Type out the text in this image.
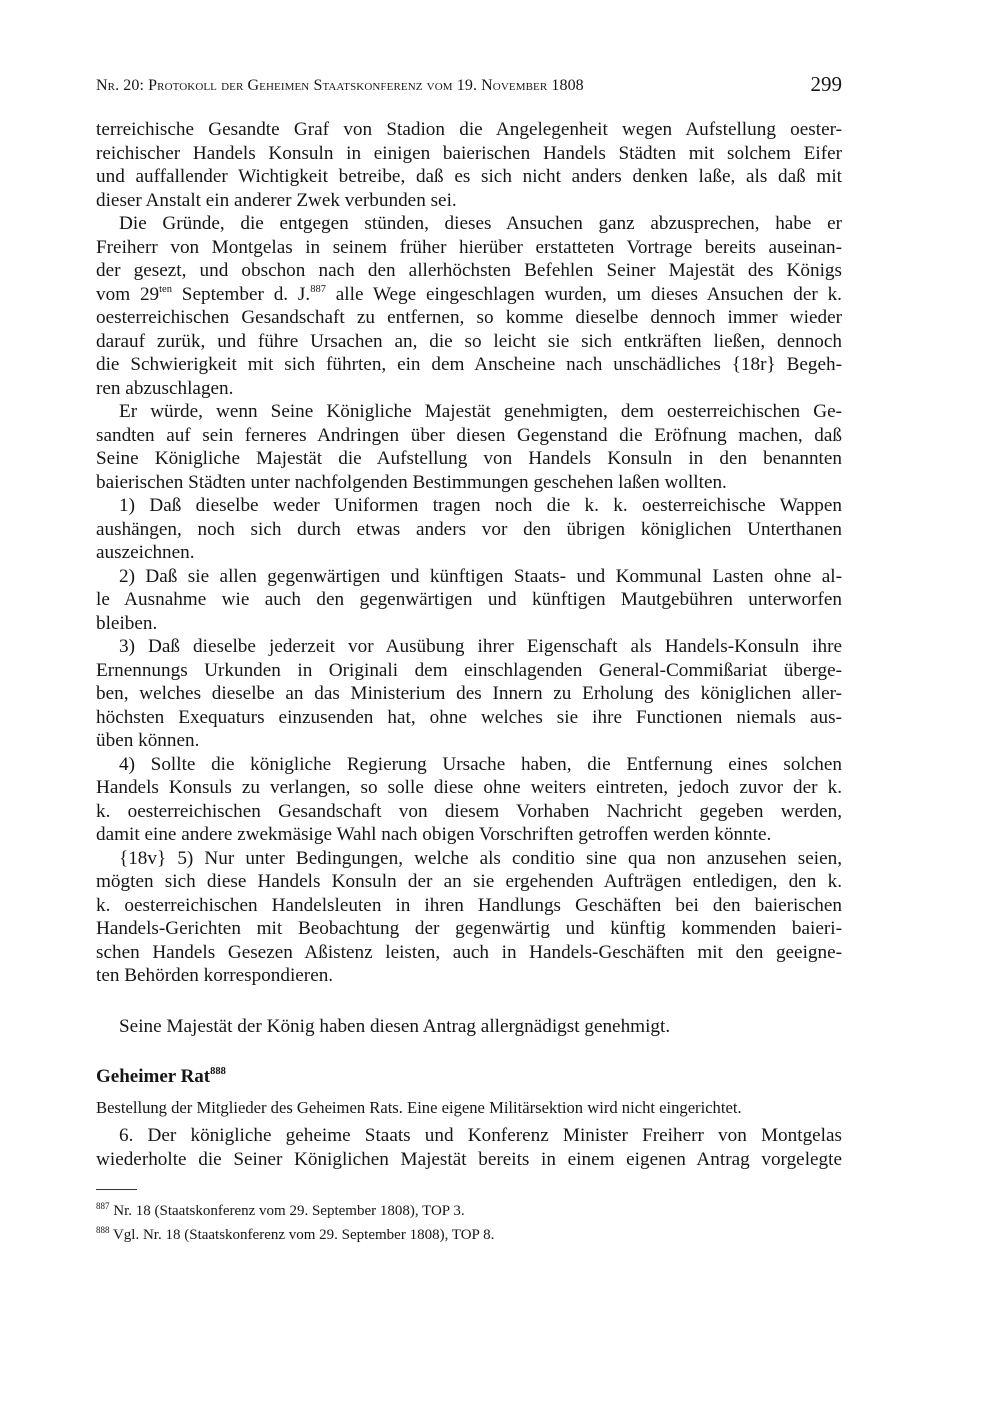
Nr. 20: Protokoll der Geheimen Staatskonferenz vom 19. November 1808	299
terreichische Gesandte Graf von Stadion die Angelegenheit wegen Aufstellung oester-
reichischer Handels Konsuln in einigen baierischen Handels Städten mit solchem Eifer
und auffallender Wichtigkeit betreibe, daß es sich nicht anders denken laße, als daß mit
dieser Anstalt ein anderer Zwek verbunden sei.
Die Gründe, die entgegen stünden, dieses Ansuchen ganz abzusprechen, habe er
Freiherr von Montgelas in seinem früher hierüber erstatteten Vortrage bereits auseinan-
der gesezt, und obschon nach den allerhöchsten Befehlen Seiner Majestät des Königs
vom $29^{ten}$ September d. J.$^{887}$ alle Wege eingeschlagen wurden, um dieses Ansuchen der k.
oesterreichischen Gesandschaft zu entfernen, so komme dieselbe dennoch immer wieder
darauf zurük, und führe Ursachen an, die so leicht sie sich entkräften ließen, dennoch
die Schwierigkeit mit sich führten, ein dem Anscheine nach unschädliches {18r} Begeh-
ren abzuschlagen.
Er würde, wenn Seine Königliche Majestät genehmigten, dem oesterreichischen Ge-
sandten auf sein ferneres Andringen über diesen Gegenstand die Eröfnung machen, daß
Seine Königliche Majestät die Aufstellung von Handels Konsuln in den benannten
baierischen Städten unter nachfolgenden Bestimmungen geschehen laßen wollten.
1) Daß dieselbe weder Uniformen tragen noch die k. k. oesterreichische Wappen
aushängen, noch sich durch etwas anders vor den übrigen königlichen Unterthanen
auszeichnen.
2) Daß sie allen gegenwärtigen und künftigen Staats- und Kommunal Lasten ohne al-
le Ausnahme wie auch den gegenwärtigen und künftigen Mautgebühren unterworfen
bleiben.
3) Daß dieselbe jederzeit vor Ausübung ihrer Eigenschaft als Handels-Konsuln ihre
Ernennungs Urkunden in Originali dem einschlagenden General-Commißariat überge-
ben, welches dieselbe an das Ministerium des Innern zu Erholung des königlichen aller-
höchsten Exequaturs einzusenden hat, ohne welches sie ihre Functionen niemals aus-
üben können.
4) Sollte die königliche Regierung Ursache haben, die Entfernung eines solchen
Handels Konsuls zu verlangen, so solle diese ohne weiters eintreten, jedoch zuvor der k.
k. oesterreichischen Gesandschaft von diesem Vorhaben Nachricht gegeben werden,
damit eine andere zwekmäsige Wahl nach obigen Vorschriften getroffen werden könnte.
{18v} 5) Nur unter Bedingungen, welche als conditio sine qua non anzusehen seien,
mögten sich diese Handels Konsuln der an sie ergehenden Aufträgen entledigen, den k.
k. oesterreichischen Handelsleuten in ihren Handlungs Geschäften bei den baierischen
Handels-Gerichten mit Beobachtung der gegenwärtig und künftig kommenden baieri-
schen Handels Gesezen Aßistenz leisten, auch in Handels-Geschäften mit den geeigne-
ten Behörden korrespondieren.
Seine Majestät der König haben diesen Antrag allergnädigst genehmigt.
Geheimer Rat$^{888}$
Bestellung der Mitglieder des Geheimen Rats. Eine eigene Militärsektion wird nicht eingerichtet.
6. Der königliche geheime Staats und Konferenz Minister Freiherr von Montgelas
wiederholte die Seiner Königlichen Majestät bereits in einem eigenen Antrag vorgelegte
$^{887}$ Nr. 18 (Staatskonferenz vom 29. September 1808), TOP 3.
$^{888}$ Vgl. Nr. 18 (Staatskonferenz vom 29. September 1808), TOP 8.
